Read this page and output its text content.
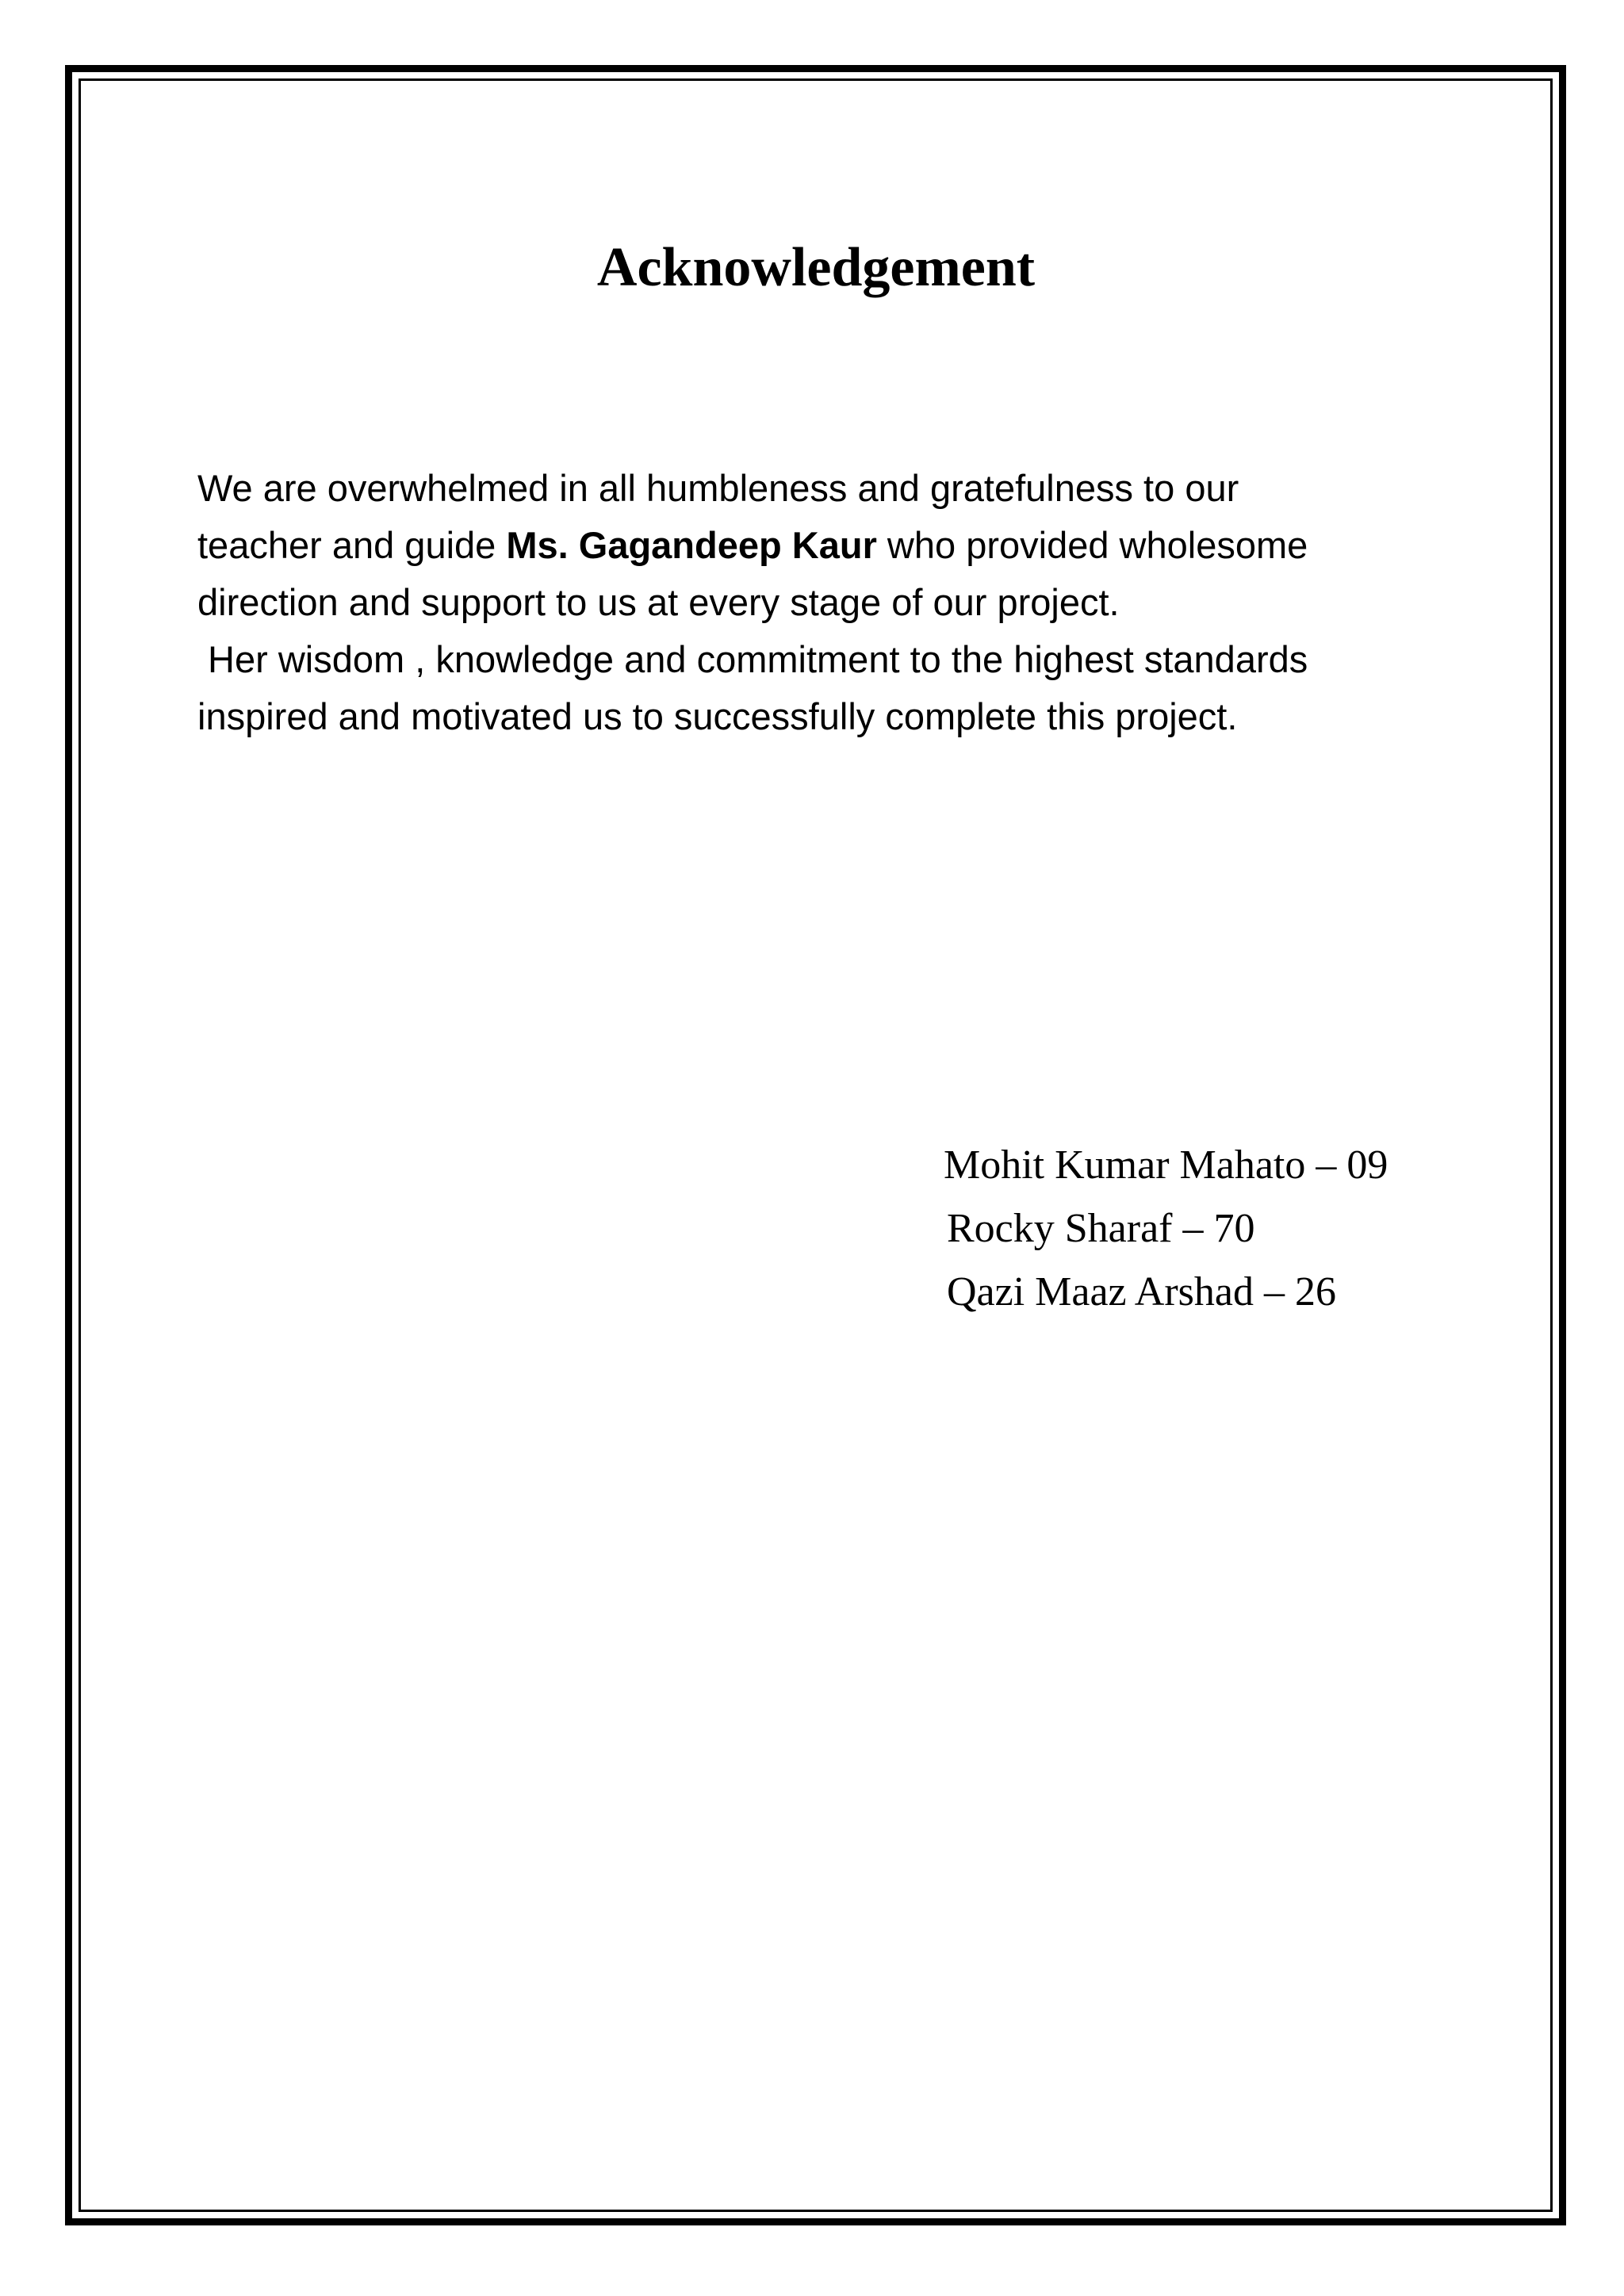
Acknowledgement
We are overwhelmed in all humbleness and gratefulness to our
teacher and guide Ms. Gagandeep Kaur who provided wholesome
direction and support to us at every stage of our project.
Her wisdom , knowledge and commitment to the highest standards
inspired and motivated us to successfully complete this project.
Mohit Kumar Mahato – 09
Rocky Sharaf – 70
Qazi Maaz Arshad – 26
